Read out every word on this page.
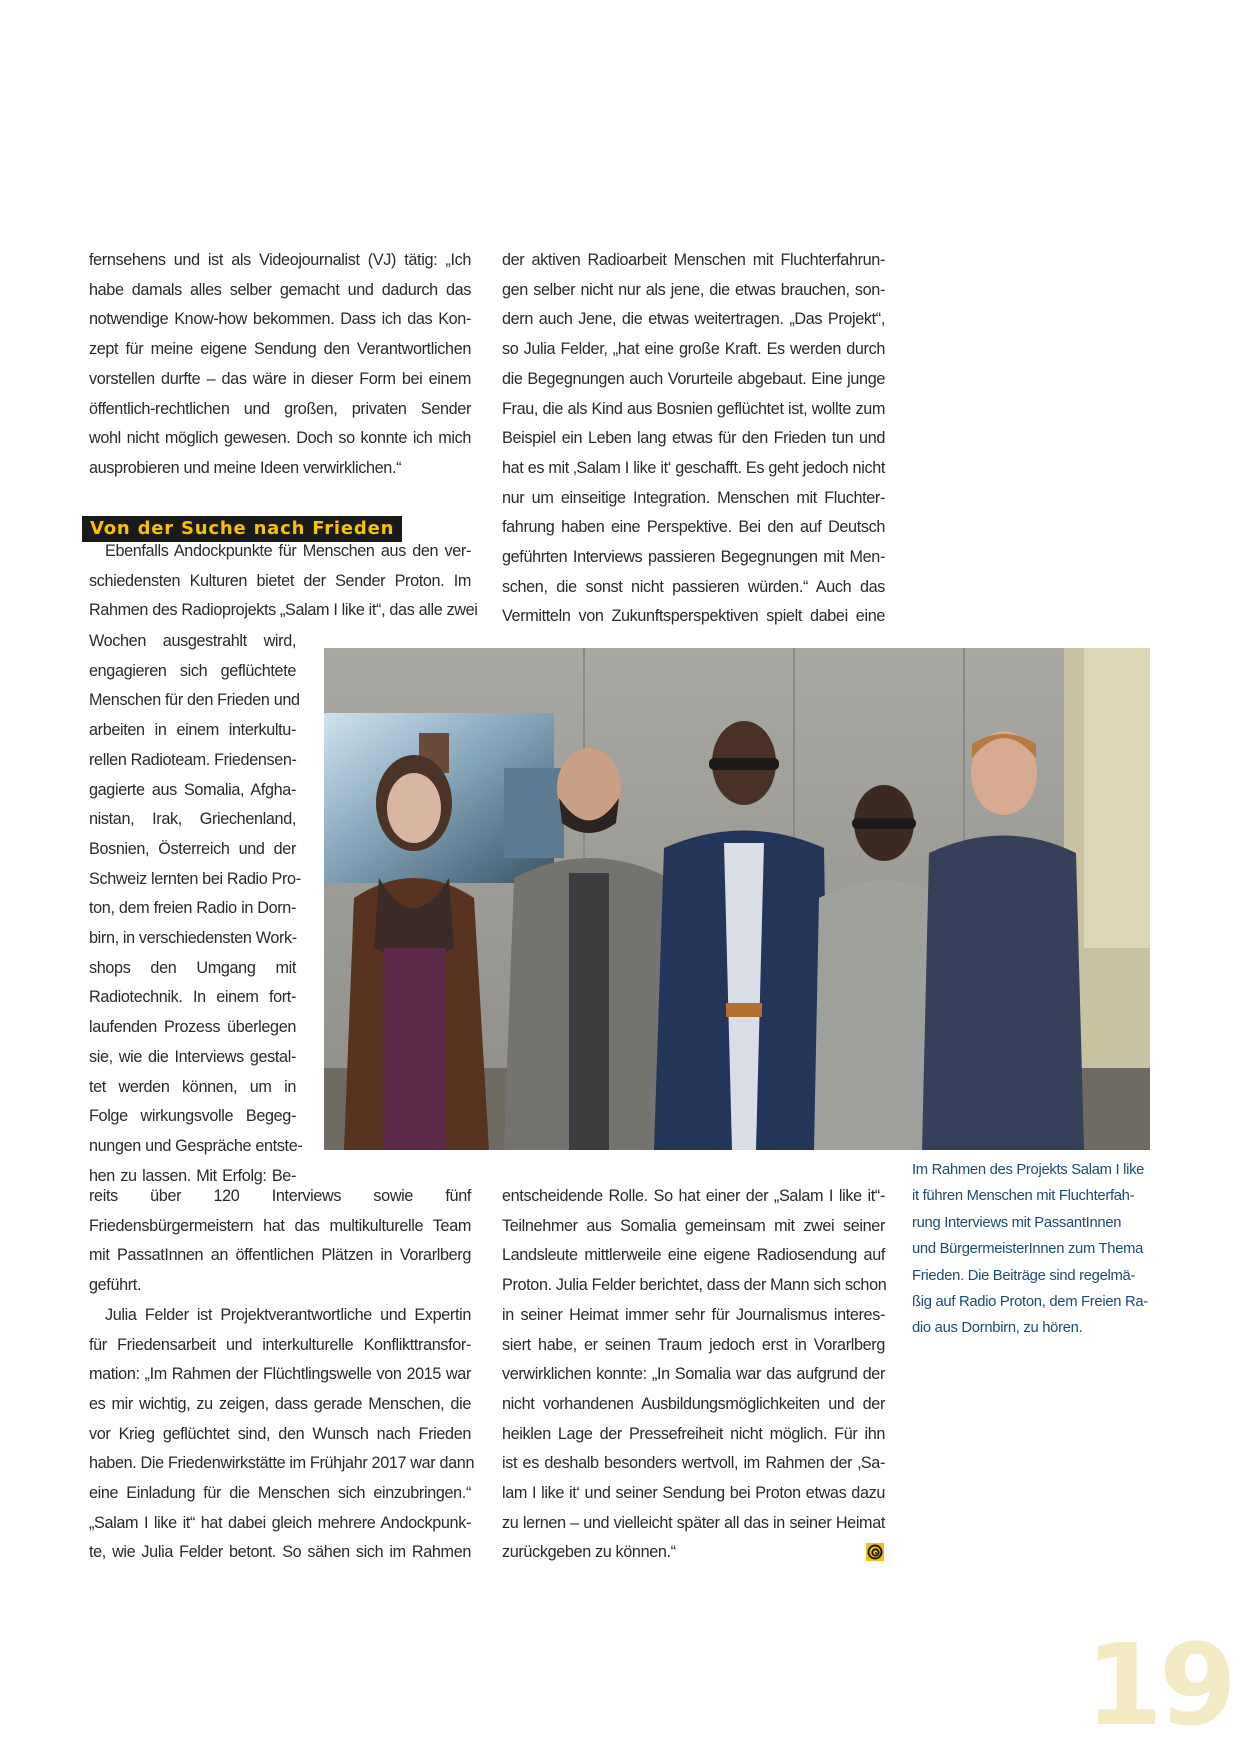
fernsehens und ist als Videojournalist (VJ) tätig: „Ich
habe damals alles selber gemacht und dadurch das
notwendige Know-how bekommen. Dass ich das Kon-
zept für meine eigene Sendung den Verantwortlichen
vorstellen durfte – das wäre in dieser Form bei einem
öffentlich-rechtlichen und großen, privaten Sender
wohl nicht möglich gewesen. Doch so konnte ich mich
ausprobieren und meine Ideen verwirklichen.“
Von der Suche nach Frieden
Ebenfalls Andockpunkte für Menschen aus den ver-
schiedensten Kulturen bietet der Sender Proton. Im
Rahmen des Radioprojekts „Salam I like it“, das alle zwei
Wochen ausgestrahlt wird,
engagieren sich geflüchtete
Menschen für den Frieden und
arbeiten in einem interkultu-
rellen Radioteam. Friedensen-
gagierte aus Somalia, Afgha-
nistan, Irak, Griechenland,
Bosnien, Österreich und der
Schweiz lernten bei Radio Pro-
ton, dem freien Radio in Dorn-
birn, in verschiedensten Work-
shops den Umgang mit
Radiotechnik. In einem fort-
laufenden Prozess überlegen
sie, wie die Interviews gestal-
tet werden können, um in
Folge wirkungsvolle Begeg-
nungen und Gespräche entste-
hen zu lassen. Mit Erfolg: Be-

reits über 120 Interviews sowie fünf
Friedensbürgermeistern hat das multikulturelle Team
mit PassatInnen an öffentlichen Plätzen in Vorarlberg
geführt.

Julia Felder ist Projektverantwortliche und Expertin
für Friedensarbeit und interkulturelle Konflikttransfor-
mation: „Im Rahmen der Flüchtlingswelle von 2015 war
es mir wichtig, zu zeigen, dass gerade Menschen, die
vor Krieg geflüchtet sind, den Wunsch nach Frieden
haben. Die Friedenwirkstätte im Frühjahr 2017 war dann
eine Einladung für die Menschen sich einzubringen.“
„Salam I like it“ hat dabei gleich mehrere Andockpunk-
te, wie Julia Felder betont. So sähen sich im Rahmen

der aktiven Radioarbeit Menschen mit Fluchterfahrun-
gen selber nicht nur als jene, die etwas brauchen, son-
dern auch Jene, die etwas weitertragen. „Das Projekt“,
so Julia Felder, „hat eine große Kraft. Es werden durch
die Begegnungen auch Vorurteile abgebaut. Eine junge
Frau, die als Kind aus Bosnien geflüchtet ist, wollte zum
Beispiel ein Leben lang etwas für den Frieden tun und
hat es mit ‚Salam I like it‘ geschafft. Es geht jedoch nicht
nur um einseitige Integration. Menschen mit Fluchter-
fahrung haben eine Perspektive. Bei den auf Deutsch
geführten Interviews passieren Begegnungen mit Men-
schen, die sonst nicht passieren würden.“ Auch das
Vermitteln von Zukunftsperspektiven spielt dabei eine
entscheidende Rolle. So hat einer der „Salam I like it“-
Teilnehmer aus Somalia gemeinsam mit zwei seiner
Landsleute mittlerweile eine eigene Radiosendung auf
Proton. Julia Felder berichtet, dass der Mann sich schon
in seiner Heimat immer sehr für Journalismus interes-
siert habe, er seinen Traum jedoch erst in Vorarlberg
verwirklichen konnte: „In Somalia war das aufgrund der
nicht vorhandenen Ausbildungsmöglichkeiten und der
heiklen Lage der Pressefreiheit nicht möglich. Für ihn
ist es deshalb besonders wertvoll, im Rahmen der ‚Sa-
lam I like it‘ und seiner Sendung bei Proton etwas dazu
zu lernen – und vielleicht später all das in seiner Heimat
zurückgeben zu können.“
Im Rahmen des Projekts Salam I like
it führen Menschen mit Fluchterfah-
rung Interviews mit PassantInnen
und BürgermeisterInnen zum Thema
Frieden. Die Beiträge sind regelmä-
ßig auf Radio Proton, dem Freien Ra-
dio aus Dornbirn, zu hören.
19
